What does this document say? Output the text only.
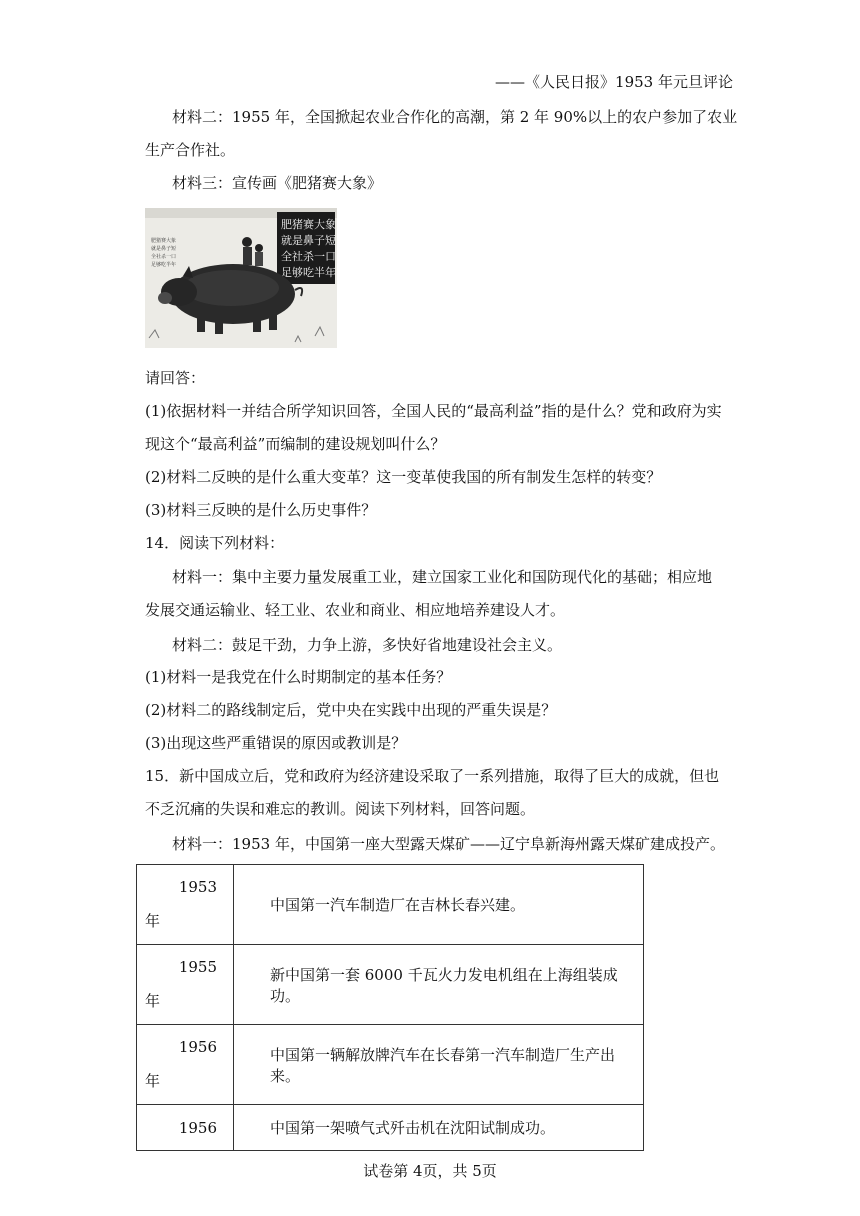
——《人民日报》1953 年元旦评论
材料二：1955 年，全国掀起农业合作化的高潮，第 2 年 90%以上的农户参加了农业
生产合作社。
材料三：宣传画《肥猪赛大象》
肥猪赛大象
就是鼻子短
全社杀一口
足够吃半年
肥猪赛大象
就是鼻子短
全社杀一口
足够吃半年
请回答：
(1)依据材料一并结合所学知识回答，全国人民的“最高利益”指的是什么？党和政府为实
现这个“最高利益”而编制的建设规划叫什么？
(2)材料二反映的是什么重大变革？这一变革使我国的所有制发生怎样的转变？
(3)材料三反映的是什么历史事件？
14．阅读下列材料：
材料一：集中主要力量发展重工业，建立国家工业化和国防现代化的基础；相应地
发展交通运输业、轻工业、农业和商业、相应地培养建设人才。
材料二：鼓足干劲，力争上游，多快好省地建设社会主义。
(1)材料一是我党在什么时期制定的基本任务？
(2)材料二的路线制定后，党中央在实践中出现的严重失误是？
(3)出现这些严重错误的原因或教训是？
15．新中国成立后，党和政府为经济建设采取了一系列措施，取得了巨大的成就，但也
不乏沉痛的失误和难忘的教训。阅读下列材料，回答问题。
材料一：1953 年，中国第一座大型露天煤矿——辽宁阜新海州露天煤矿建成投产。
1953
年	中国第一汽车制造厂在吉林长春兴建。

1955
年	新中国第一套 6000 千瓦火力发电机组在上海组装成功。

1956
年	中国第一辆解放牌汽车在长春第一汽车制造厂生产出来。

1956	中国第一架喷气式歼击机在沈阳试制成功。
试卷第 4页，共 5页
